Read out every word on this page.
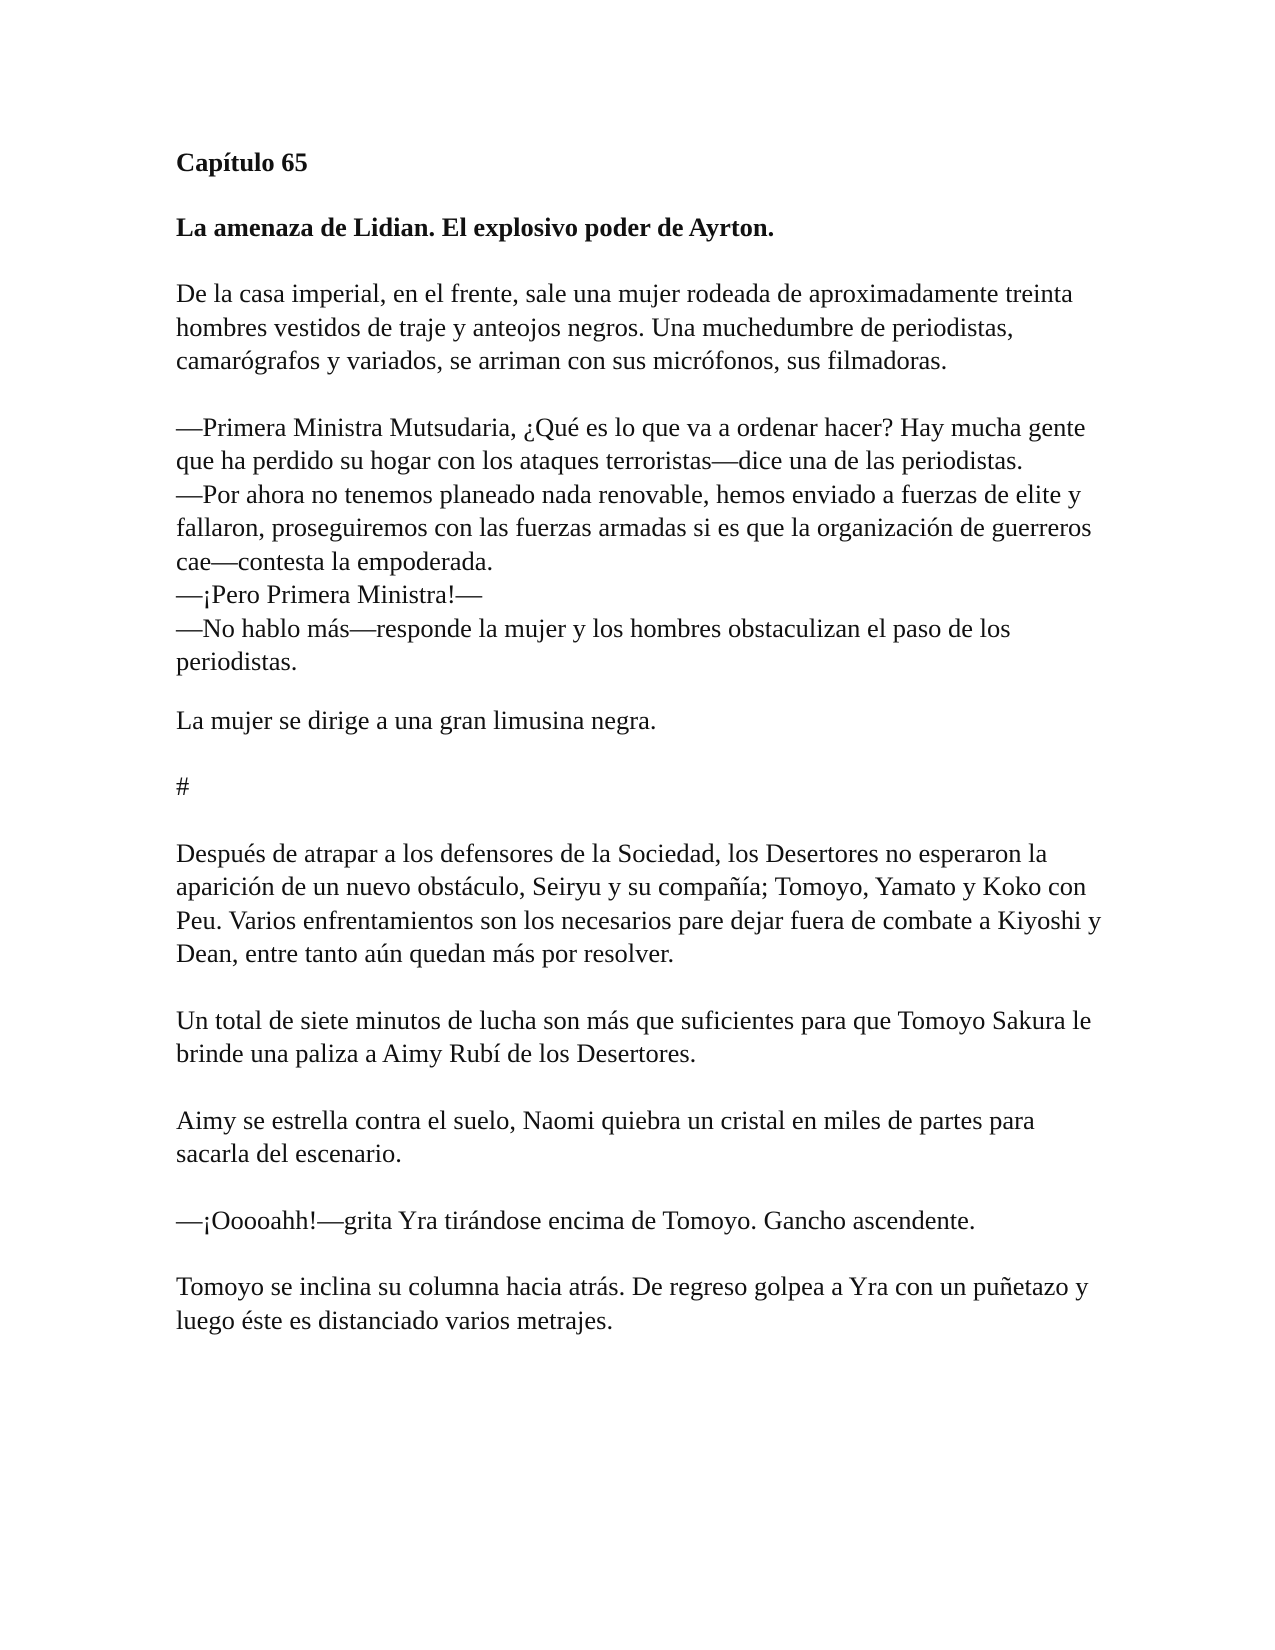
Capítulo 65

La amenaza de Lidian. El explosivo poder de Ayrton.

De la casa imperial, en el frente, sale una mujer rodeada de aproximadamente treinta hombres vestidos de traje y anteojos negros. Una muchedumbre de periodistas, camarógrafos y variados, se arriman con sus micrófonos, sus filmadoras.

—Primera Ministra Mutsudaria, ¿Qué es lo que va a ordenar hacer? Hay mucha gente que ha perdido su hogar con los ataques terroristas—dice una de las periodistas.

—Por ahora no tenemos planeado nada renovable, hemos enviado a fuerzas de elite y fallaron, proseguiremos con las fuerzas armadas si es que la organización de guerreros cae—contesta la empoderada.

—¡Pero Primera Ministra!—

—No hablo más—responde la mujer y los hombres obstaculizan el paso de los periodistas.

La mujer se dirige a una gran limusina negra.

#

Después de atrapar a los defensores de la Sociedad, los Desertores no esperaron la aparición de un nuevo obstáculo, Seiryu y su compañía; Tomoyo, Yamato y Koko con Peu. Varios enfrentamientos son los necesarios pare dejar fuera de combate a Kiyoshi y Dean, entre tanto aún quedan más por resolver.

Un total de siete minutos de lucha son más que suficientes para que Tomoyo Sakura le brinde una paliza a Aimy Rubí de los Desertores.

Aimy se estrella contra el suelo, Naomi quiebra un cristal en miles de partes para sacarla del escenario.

—¡Ooooahh!—grita Yra tirándose encima de Tomoyo. Gancho ascendente.

Tomoyo se inclina su columna hacia atrás. De regreso golpea a Yra con un puñetazo y luego éste es distanciado varios metrajes.
